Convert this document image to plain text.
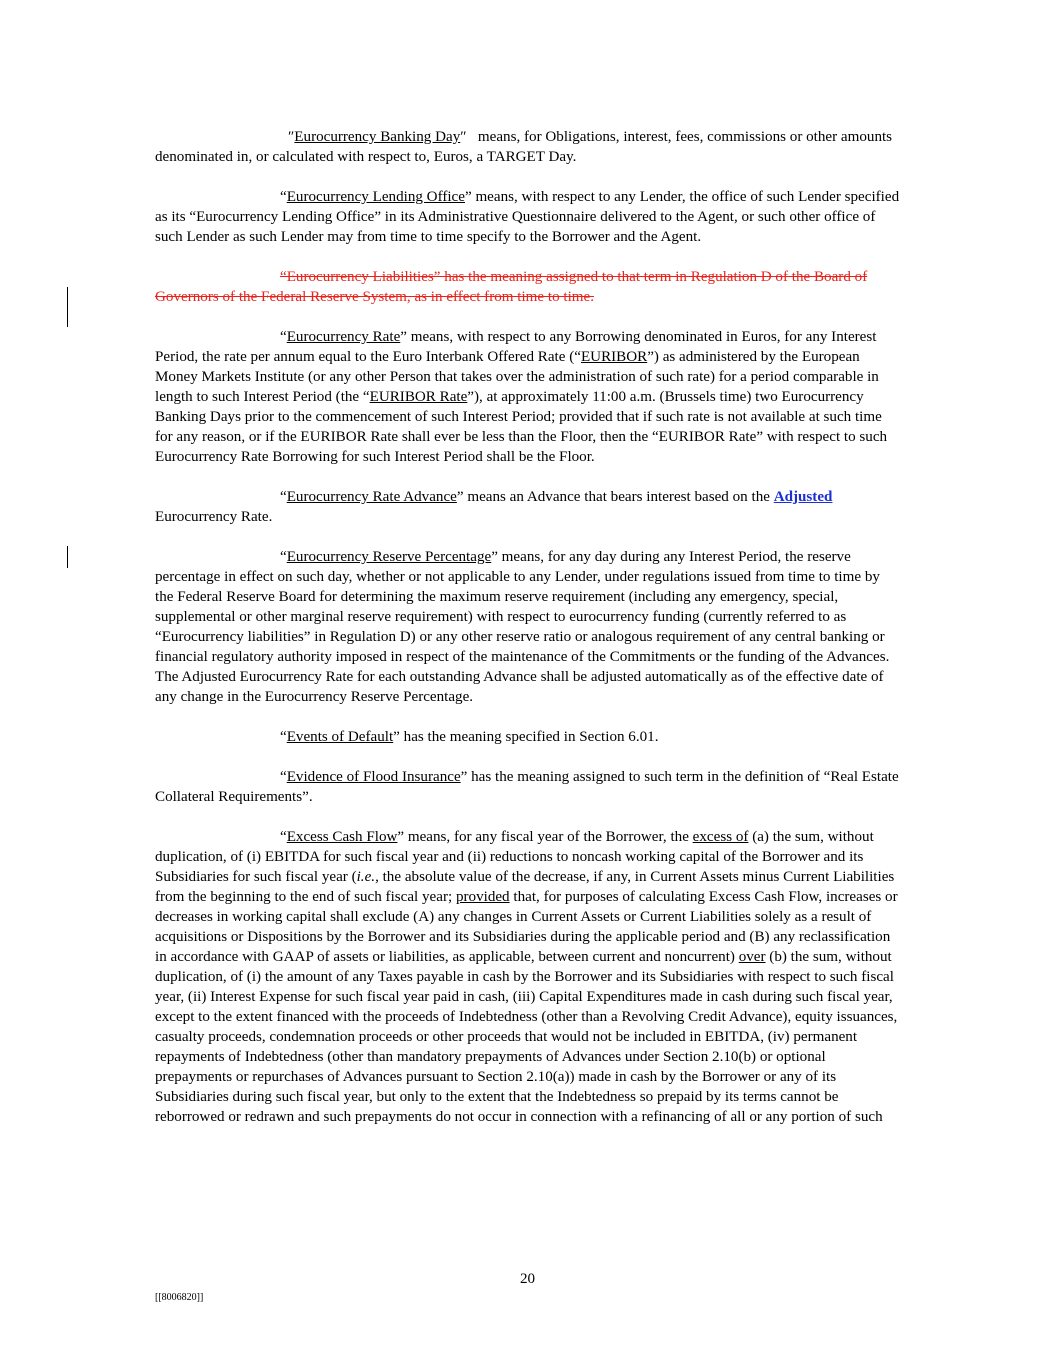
″Eurocurrency Banking Day″   means, for Obligations, interest, fees, commissions or other amounts denominated in, or calculated with respect to, Euros, a TARGET Day.

“Eurocurrency Lending Office” means, with respect to any Lender, the office of such Lender specified as its “Eurocurrency Lending Office” in its Administrative Questionnaire delivered to the Agent, or such other office of such Lender as such Lender may from time to time specify to the Borrower and the Agent.

“Eurocurrency Liabilities” has the meaning assigned to that term in Regulation D of the Board of Governors of the Federal Reserve System, as in effect from time to time.

“Eurocurrency Rate” means, with respect to any Borrowing denominated in Euros, for any Interest Period, the rate per annum equal to the Euro Interbank Offered Rate (“EURIBOR”) as administered by the European Money Markets Institute (or any other Person that takes over the administration of such rate) for a period comparable in length to such Interest Period (the “EURIBOR Rate”), at approximately 11:00 a.m. (Brussels time) two Eurocurrency Banking Days prior to the commencement of such Interest Period; provided that if such rate is not available at such time for any reason, or if the EURIBOR Rate shall ever be less than the Floor, then the “EURIBOR Rate” with respect to such Eurocurrency Rate Borrowing for such Interest Period shall be the Floor.

“Eurocurrency Rate Advance” means an Advance that bears interest based on the Adjusted Eurocurrency Rate.

“Eurocurrency Reserve Percentage” means, for any day during any Interest Period, the reserve percentage in effect on such day, whether or not applicable to any Lender, under regulations issued from time to time by the Federal Reserve Board for determining the maximum reserve requirement (including any emergency, special, supplemental or other marginal reserve requirement) with respect to eurocurrency funding (currently referred to as “Eurocurrency liabilities” in Regulation D) or any other reserve ratio or analogous requirement of any central banking or financial regulatory authority imposed in respect of the maintenance of the Commitments or the funding of the Advances. The Adjusted Eurocurrency Rate for each outstanding Advance shall be adjusted automatically as of the effective date of any change in the Eurocurrency Reserve Percentage.

“Events of Default” has the meaning specified in Section 6.01.

“Evidence of Flood Insurance” has the meaning assigned to such term in the definition of “Real Estate Collateral Requirements”.

“Excess Cash Flow” means, for any fiscal year of the Borrower, the excess of (a) the sum, without duplication, of (i) EBITDA for such fiscal year and (ii) reductions to noncash working capital of the Borrower and its Subsidiaries for such fiscal year (i.e., the absolute value of the decrease, if any, in Current Assets minus Current Liabilities from the beginning to the end of such fiscal year; provided that, for purposes of calculating Excess Cash Flow, increases or decreases in working capital shall exclude (A) any changes in Current Assets or Current Liabilities solely as a result of acquisitions or Dispositions by the Borrower and its Subsidiaries during the applicable period and (B) any reclassification in accordance with GAAP of assets or liabilities, as applicable, between current and noncurrent) over (b) the sum, without duplication, of (i) the amount of any Taxes payable in cash by the Borrower and its Subsidiaries with respect to such fiscal year, (ii) Interest Expense for such fiscal year paid in cash, (iii) Capital Expenditures made in cash during such fiscal year, except to the extent financed with the proceeds of Indebtedness (other than a Revolving Credit Advance), equity issuances, casualty proceeds, condemnation proceeds or other proceeds that would not be included in EBITDA, (iv) permanent repayments of Indebtedness (other than mandatory prepayments of Advances under Section 2.10(b) or optional prepayments or repurchases of Advances pursuant to Section 2.10(a)) made in cash by the Borrower or any of its Subsidiaries during such fiscal year, but only to the extent that the Indebtedness so prepaid by its terms cannot be reborrowed or redrawn and such prepayments do not occur in connection with a refinancing of all or any portion of such

20
[[8006820]]
